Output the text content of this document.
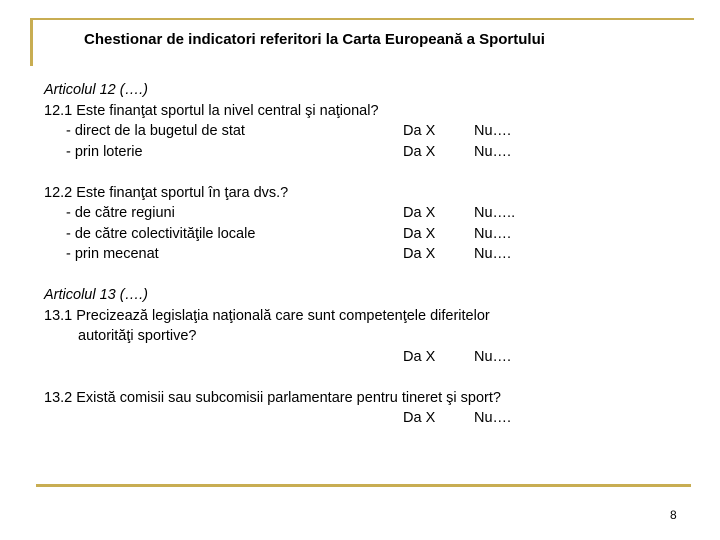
Chestionar de indicatori referitori la Carta Europeană a Sportului
Articolul 12 (….)
12.1 Este finanţat sportul la nivel central şi naţional?
- direct de la bugetul de stat	Da X	Nu….
- prin loterie	Da X	Nu….
12.2 Este finanţat sportul în ţara dvs.?
- de către regiuni	Da X	Nu…..
- de către colectivităţile locale	Da X	Nu….
- prin mecenat	Da X	Nu….
Articolul 13 (….)
13.1 Precizează legislaţia naţională care sunt competenţele diferitelor
autorităţi sportive?
Da X	Nu….
13.2 Există comisii sau subcomisii parlamentare pentru tineret şi sport?
Da X	Nu….
8
